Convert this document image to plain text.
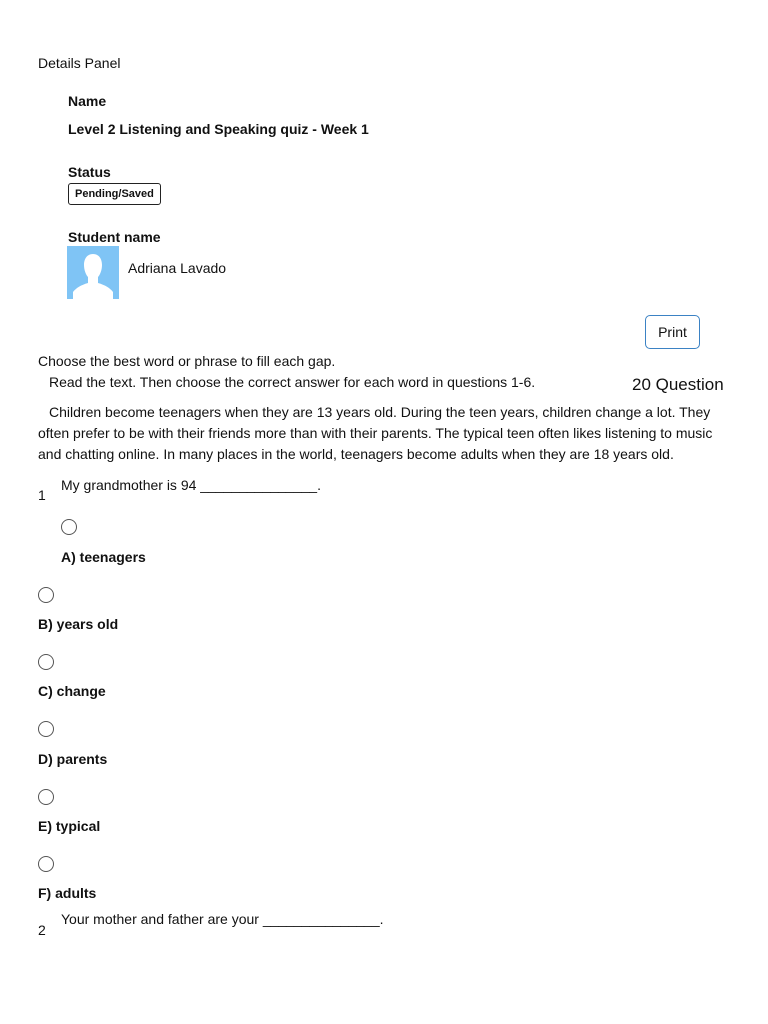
Details Panel
Name
Level 2 Listening and Speaking quiz - Week 1
Status
Pending/Saved
Student name
Adriana Lavado
Print
Choose the best word or phrase to fill each gap.
Read the text. Then choose the correct answer for each word in questions 1-6.	20 Question
Children become teenagers when they are 13 years old. During the teen years, children change a lot. They often prefer to be with their friends more than with their parents. The typical teen often likes listening to music and chatting online. In many places in the world, teenagers become adults when they are 18 years old.
1
My grandmother is 94 _______________.
A) teenagers
B) years old
C) change
D) parents
E) typical
F) adults
2
Your mother and father are your _______________.
